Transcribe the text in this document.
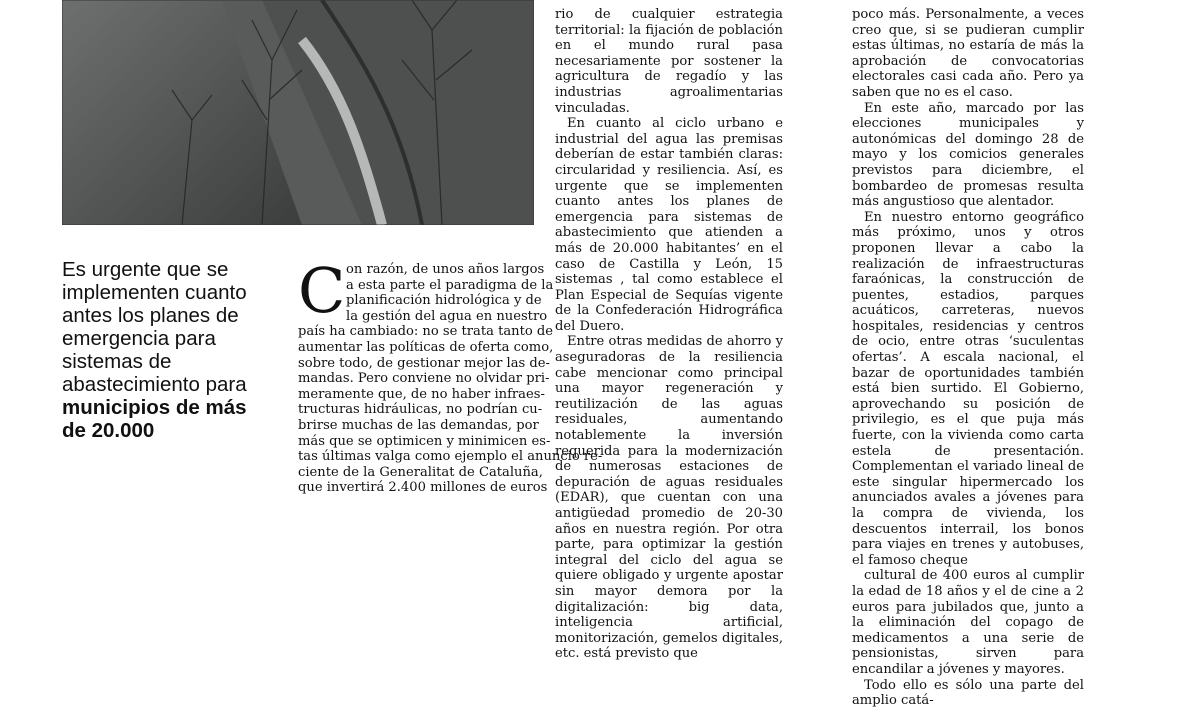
Es urgente que se implementen cuanto antes los planes de emergencia para sistemas de abastecimiento para municipios de más de 20.000
C on razón, de unos años largos
a esta parte el paradigma de la
planificación hidrológica y de
la gestión del agua en nuestro
país ha cambiado: no se trata tanto de
aumentar las políticas de oferta como,
sobre todo, de gestionar mejor las de-
mandas. Pero conviene no olvidar pri-
meramente que, de no haber infraes-
tructuras hidráulicas, no podrían cu-
brirse muchas de las demandas, por
más que se optimicen y minimicen es-
tas últimas valga como ejemplo el anuncio re-
ciente de la Generalitat de Cataluña,
que invertirá 2.400 millones de euros

rio de cualquier estrategia territorial: la fijación de población en el mundo rural pasa necesariamente por sostener la agricultura de regadío y las industrias agroalimentarias vinculadas.

En cuanto al ciclo urbano e industrial del agua las premisas deberían de estar también claras: circularidad y resiliencia. Así, es urgente que se implementen cuanto antes los planes de emergencia para sistemas de abastecimiento que atienden a más de 20.000 habitantes’ en el caso de Castilla y León, 15 sistemas , tal como establece el Plan Especial de Sequías vigente de la Confederación Hidrográfica del Duero.

Entre otras medidas de ahorro y aseguradoras de la resiliencia cabe mencionar como principal una mayor regeneración y reutilización de las aguas residuales, aumentando notablemente la inversión requerida para la modernización de numerosas estaciones de depuración de aguas residuales (EDAR), que cuentan con una antigüedad promedio de 20-30 años en nuestra región. Por otra parte, para optimizar la gestión integral del ciclo del agua se quiere obligado y urgente apostar sin mayor demora por la digitalización: big data, inteligencia artificial, monitorización, gemelos digitales, etc. está previsto que

poco más. Personalmente, a veces creo que, si se pudieran cumplir estas últimas, no estaría de más la aprobación de convocatorias electorales casi cada año. Pero ya saben que no es el caso.

En este año, marcado por las elecciones municipales y autonómicas del domingo 28 de mayo y los comicios generales previstos para diciembre, el bombardeo de promesas resulta más angustioso que alentador.

En nuestro entorno geográfico más próximo, unos y otros proponen llevar a cabo la realización de infraestructuras faraónicas, la construcción de puentes, estadios, parques acuáticos, carreteras, nuevos hospitales, residencias y centros de ocio, entre otras ‘suculentas ofertas’. A escala nacional, el bazar de oportunidades también está bien surtido. El Gobierno, aprovechando su posición de privilegio, es el que puja más fuerte, con la vivienda como carta estela de presentación. Complementan el variado lineal de este singular hipermercado los anunciados avales a jóvenes para la compra de vivienda, los descuentos interrail, los bonos para viajes en trenes y autobuses, el famoso cheque

cultural de 400 euros al cumplir la edad de 18 años y el de cine a 2 euros para jubilados que, junto a la eliminación del copago de medicamentos a una serie de pensionistas, sirven para encandilar a jóvenes y mayores.

Todo ello es sólo una parte del amplio catá-
